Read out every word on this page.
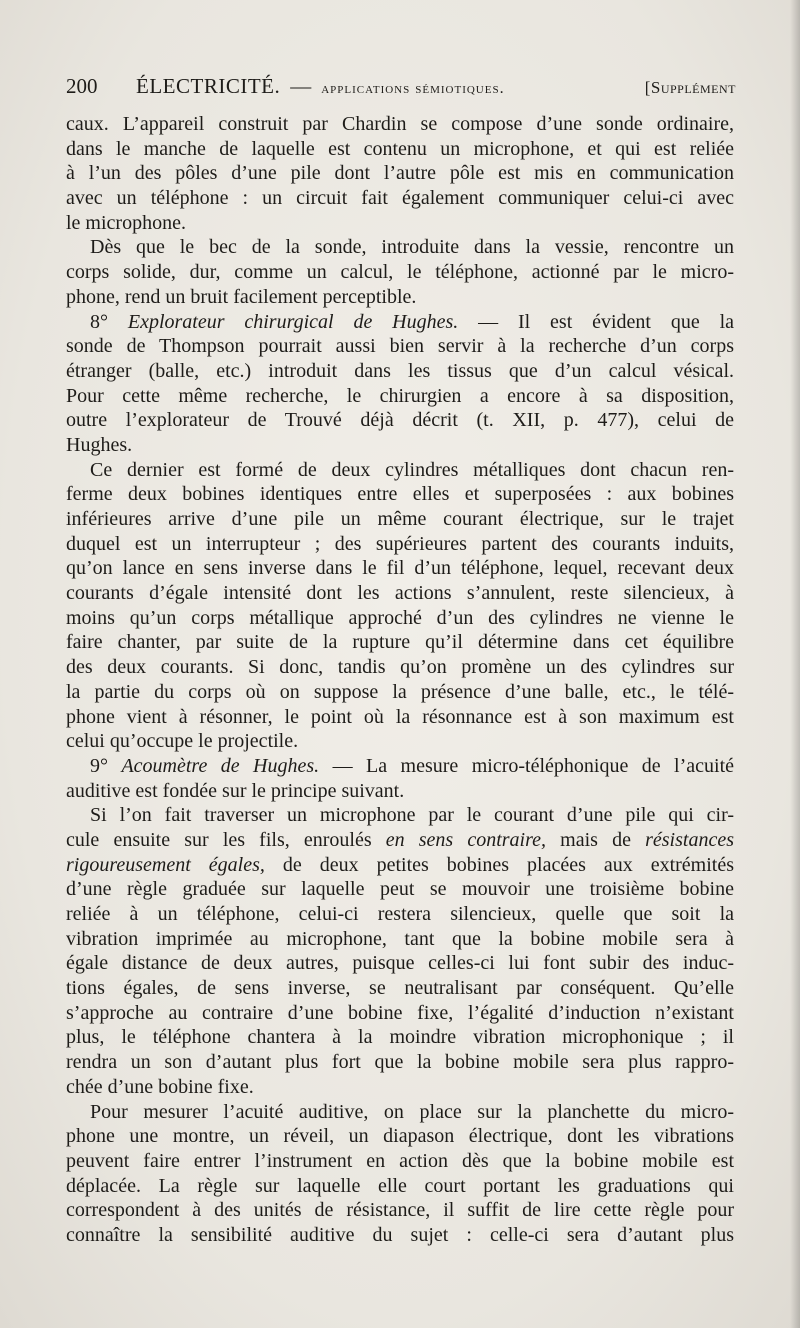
200	ÉLECTRICITÉ. — applications sémiotiques.	[Supplément
caux. L’appareil construit par Chardin se compose d’une sonde ordinaire,
dans le manche de laquelle est contenu un microphone, et qui est reliée
à l’un des pôles d’une pile dont l’autre pôle est mis en communication
avec un téléphone : un circuit fait également communiquer celui-ci avec
le microphone.
Dès que le bec de la sonde, introduite dans la vessie, rencontre un
corps solide, dur, comme un calcul, le téléphone, actionné par le micro-
phone, rend un bruit facilement perceptible.
8° Explorateur chirurgical de Hughes. — Il est évident que la
sonde de Thompson pourrait aussi bien servir à la recherche d’un corps
étranger (balle, etc.) introduit dans les tissus que d’un calcul vésical.
Pour cette même recherche, le chirurgien a encore à sa disposition,
outre l’explorateur de Trouvé déjà décrit (t. XII, p. 477), celui de
Hughes.
Ce dernier est formé de deux cylindres métalliques dont chacun ren-
ferme deux bobines identiques entre elles et superposées : aux bobines
inférieures arrive d’une pile un même courant électrique, sur le trajet
duquel est un interrupteur ; des supérieures partent des courants induits,
qu’on lance en sens inverse dans le fil d’un téléphone, lequel, recevant deux
courants d’égale intensité dont les actions s’annulent, reste silencieux, à
moins qu’un corps métallique approché d’un des cylindres ne vienne le
faire chanter, par suite de la rupture qu’il détermine dans cet équilibre
des deux courants. Si donc, tandis qu’on promène un des cylindres sur
la partie du corps où on suppose la présence d’une balle, etc., le télé-
phone vient à résonner, le point où la résonnance est à son maximum est
celui qu’occupe le projectile.
9° Acoumètre de Hughes. — La mesure micro-téléphonique de l’acuité
auditive est fondée sur le principe suivant.
Si l’on fait traverser un microphone par le courant d’une pile qui cir-
cule ensuite sur les fils, enroulés en sens contraire, mais de résistances
rigoureusement égales, de deux petites bobines placées aux extrémités
d’une règle graduée sur laquelle peut se mouvoir une troisième bobine
reliée à un téléphone, celui-ci restera silencieux, quelle que soit la
vibration imprimée au microphone, tant que la bobine mobile sera à
égale distance de deux autres, puisque celles-ci lui font subir des induc-
tions égales, de sens inverse, se neutralisant par conséquent. Qu’elle
s’approche au contraire d’une bobine fixe, l’égalité d’induction n’existant
plus, le téléphone chantera à la moindre vibration microphonique ; il
rendra un son d’autant plus fort que la bobine mobile sera plus rappro-
chée d’une bobine fixe.
Pour mesurer l’acuité auditive, on place sur la planchette du micro-
phone une montre, un réveil, un diapason électrique, dont les vibrations
peuvent faire entrer l’instrument en action dès que la bobine mobile est
déplacée. La règle sur laquelle elle court portant les graduations qui
correspondent à des unités de résistance, il suffit de lire cette règle pour
connaître la sensibilité auditive du sujet : celle-ci sera d’autant plus
